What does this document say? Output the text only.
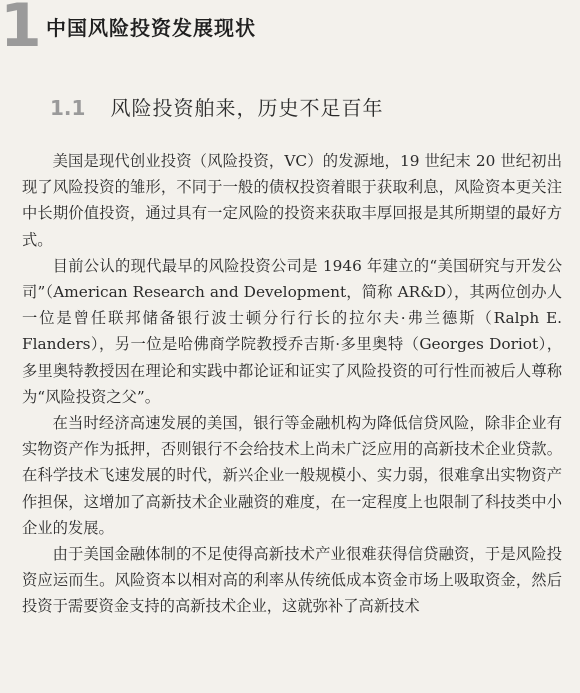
1 中国风险投资发展现状
1.1 风险投资舶来，历史不足百年

美国是现代创业投资（风险投资，VC）的发源地，19 世纪末 20 世纪初出现了风险投资的雏形，不同于一般的债权投资着眼于获取利息，风险资本更关注中长期价值投资，通过具有一定风险的投资来获取丰厚回报是其所期望的最好方式。

目前公认的现代最早的风险投资公司是 1946 年建立的“美国研究与开发公司”（American Research and Development，简称 AR&D），其两位创办人一位是曾任联邦储备银行波士顿分行行长的拉尔夫·弗兰德斯（Ralph E. Flanders），另一位是哈佛商学院教授乔吉斯·多里奥特（Georges Doriot），多里奥特教授因在理论和实践中都论证和证实了风险投资的可行性而被后人尊称为“风险投资之父”。

在当时经济高速发展的美国，银行等金融机构为降低信贷风险，除非企业有实物资产作为抵押，否则银行不会给技术上尚未广泛应用的高新技术企业贷款。在科学技术飞速发展的时代，新兴企业一般规模小、实力弱，很难拿出实物资产作担保，这增加了高新技术企业融资的难度，在一定程度上也限制了科技类中小企业的发展。

由于美国金融体制的不足使得高新技术产业很难获得信贷融资，于是风险投资应运而生。风险资本以相对高的利率从传统低成本资金市场上吸取资金，然后投资于需要资金支持的高新技术企业，这就弥补了高新技术
